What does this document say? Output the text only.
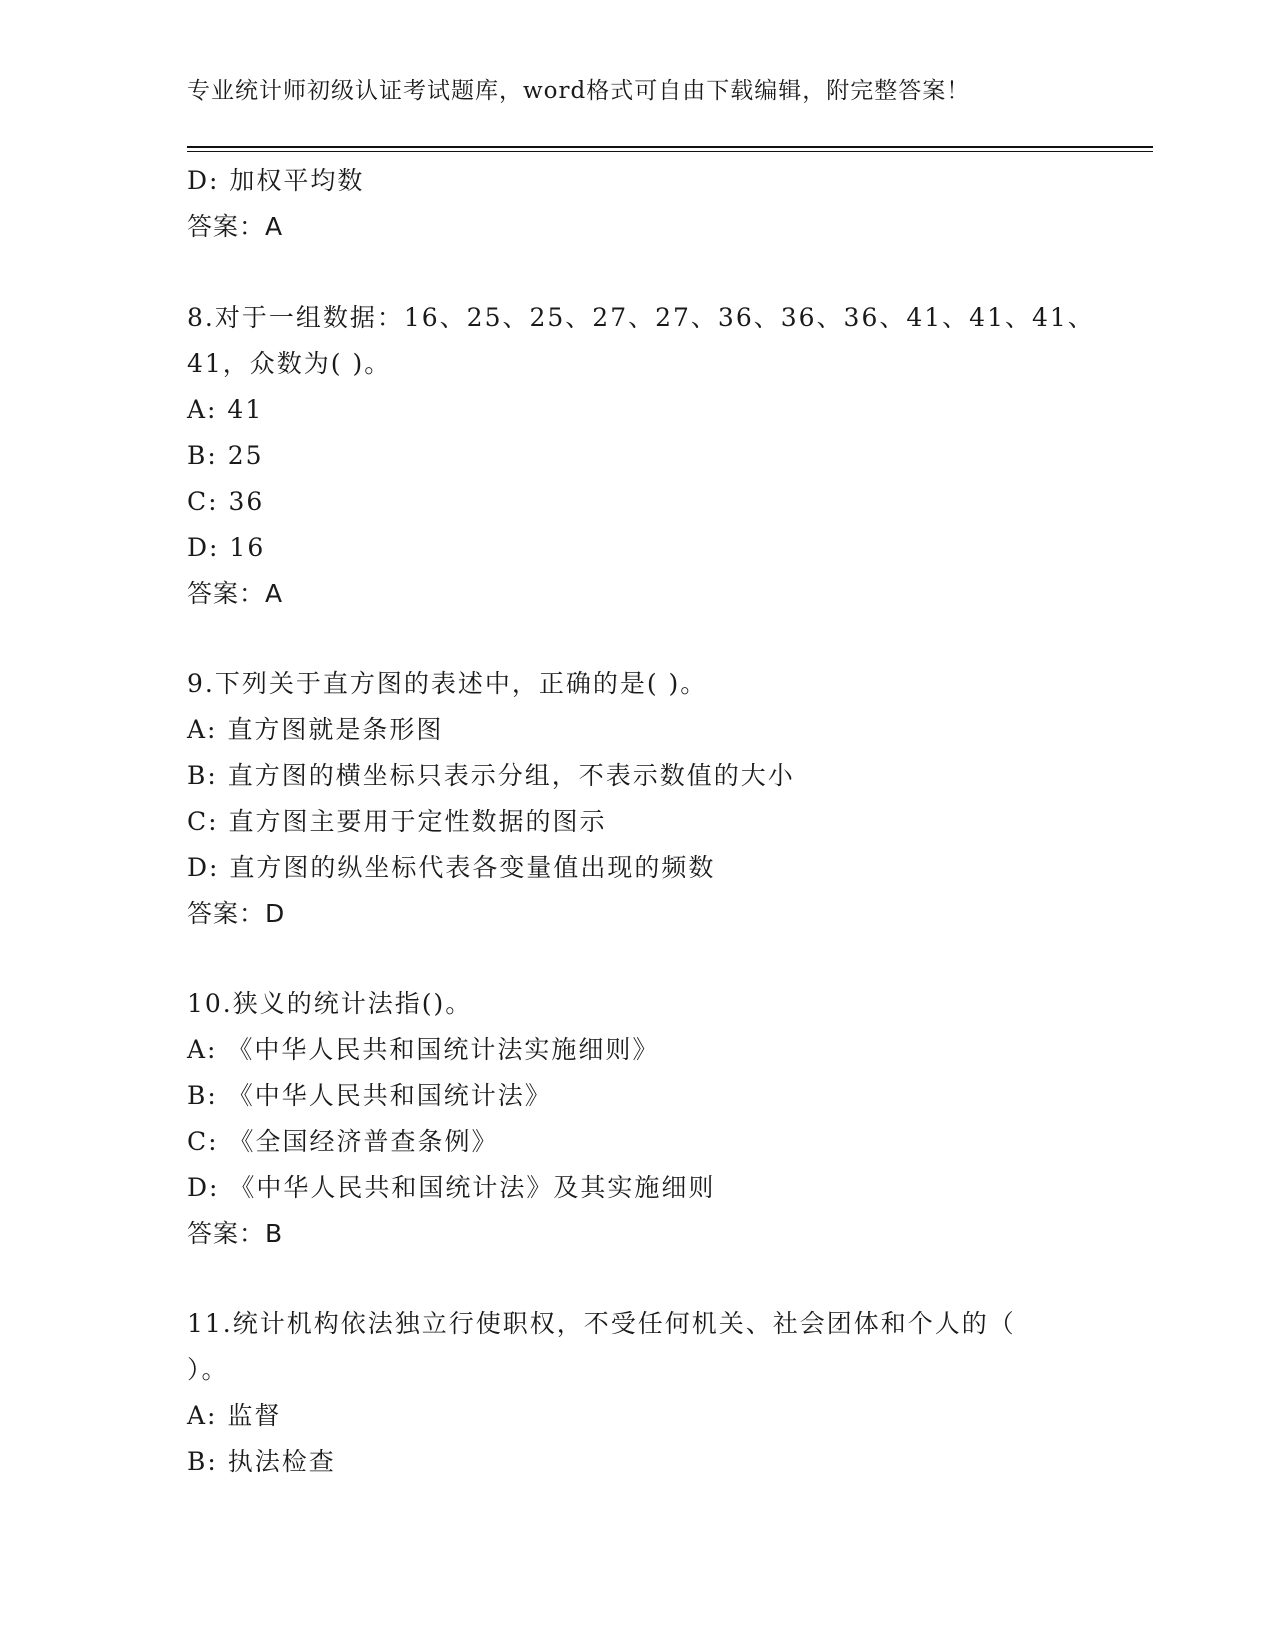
专业统计师初级认证考试题库，word格式可自由下载编辑，附完整答案！
D: 加权平均数
答案：A
8.对于一组数据：16、25、25、27、27、36、36、36、41、41、41、
41，众数为( )。
A: 41
B: 25
C: 36
D: 16
答案：A
9.下列关于直方图的表述中，正确的是( )。
A: 直方图就是条形图
B: 直方图的横坐标只表示分组，不表示数值的大小
C: 直方图主要用于定性数据的图示
D: 直方图的纵坐标代表各变量值出现的频数
答案：D
10.狭义的统计法指()。
A: 《中华人民共和国统计法实施细则》
B: 《中华人民共和国统计法》
C: 《全国经济普查条例》
D: 《中华人民共和国统计法》及其实施细则
答案：B
11.统计机构依法独立行使职权，不受任何机关、社会团体和个人的（
）。
A: 监督
B: 执法检查
